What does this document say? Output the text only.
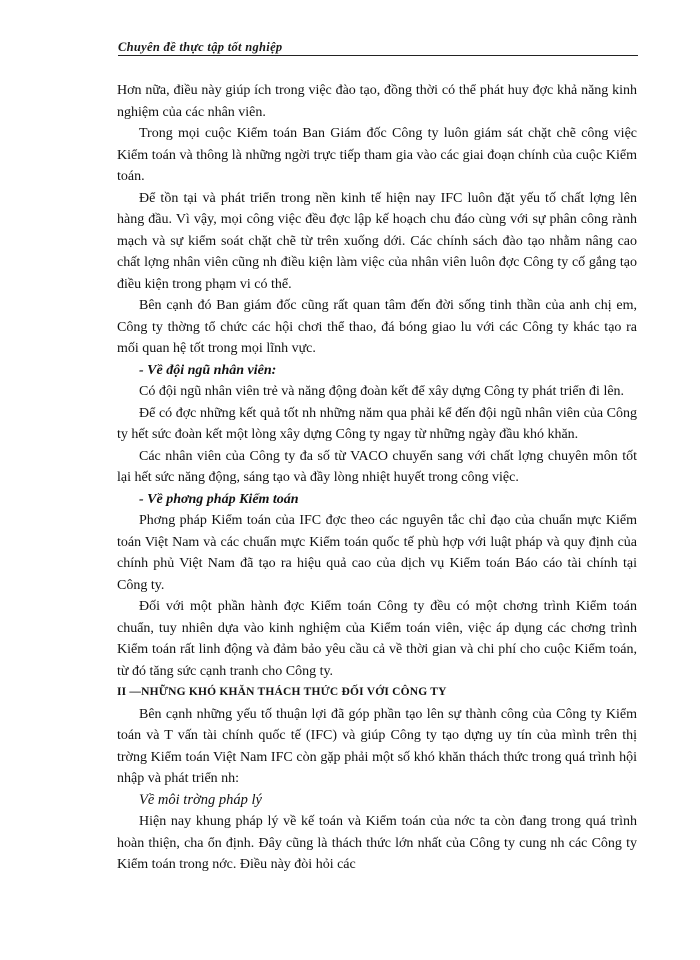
Chuyên đề thực tập tốt nghiệp

Hơn nữa, điều này giúp ích trong việc đào tạo, đồng thời có thể phát huy đợc khả năng kinh nghiệm của các nhân viên.

Trong mọi cuộc Kiểm toán Ban Giám đốc Công ty luôn giám sát chặt chẽ công việc Kiểm toán và thông là những ngời trực tiếp tham gia vào các giai đoạn chính của cuộc Kiểm toán.

Để tồn tại và phát triển trong nền kinh tế hiện nay IFC luôn đặt yếu tố chất lợng lên hàng đầu. Vì vậy, mọi công việc đều đợc lập kế hoạch chu đáo cùng với sự phân công rành mạch và sự kiểm soát chặt chẽ từ trên xuống dới. Các chính sách đào tạo nhằm nâng cao chất lợng nhân viên cũng nh điều kiện làm việc của nhân viên luôn đợc Công ty cố gắng tạo điều kiện trong phạm vi có thể.

Bên cạnh đó Ban giám đốc cũng rất quan tâm đến đời sống tinh thần của anh chị em, Công ty thờng tổ chức các hội chơi thể thao, đá bóng giao lu với các Công ty khác tạo ra mối quan hệ tốt trong mọi lĩnh vực.

- Về đội ngũ nhân viên:

Có đội ngũ nhân viên trẻ và năng động đoàn kết để xây dựng Công ty phát triển đi lên.

Để có đợc những kết quả tốt nh những năm qua phải kể đến đội ngũ nhân viên của Công ty hết sức đoàn kết một lòng xây dựng Công ty ngay từ những ngày đầu khó khăn.

Các nhân viên của Công ty đa số từ VACO chuyển sang với chất lợng chuyên môn tốt lại hết sức năng động, sáng tạo và đầy lòng nhiệt huyết trong công việc.

- Về phơng pháp Kiểm toán

Phơng pháp Kiểm toán của IFC đợc theo các nguyên tắc chỉ đạo của chuẩn mực Kiểm toán Việt Nam và các chuẩn mực Kiểm toán quốc tế phù hợp với luật pháp và quy định của chính phủ Việt Nam đã tạo ra hiệu quả cao của dịch vụ Kiểm toán Báo cáo tài chính tại Công ty.

Đối với một phần hành đợc Kiểm toán Công ty đều có một chơng trình Kiểm toán chuẩn, tuy nhiên dựa vào kinh nghiệm của Kiểm toán viên, việc áp dụng các chơng trình Kiểm toán rất linh động và đảm bảo yêu cầu cả về thời gian và chi phí cho cuộc Kiểm toán, từ đó tăng sức cạnh tranh cho Công ty.

II —NHỮNG KHÓ KHĂN THÁCH THỨC ĐỐI VỚI CÔNG TY

Bên cạnh những yếu tố thuận lợi đã góp phần tạo lên sự thành công của Công ty Kiểm toán và T vấn tài chính quốc tế (IFC) và giúp Công ty tạo dựng uy tín của mình trên thị trờng Kiểm toán Việt Nam IFC còn gặp phải một số khó khăn thách thức trong quá trình hội nhập và phát triển nh:

Về môi trờng pháp lý

Hiện nay khung pháp lý về kế toán và Kiểm toán của nớc ta còn đang trong quá trình hoàn thiện, cha ổn định. Đây cũng là thách thức lớn nhất của Công ty cung nh các Công ty Kiểm toán trong nớc. Điều này đòi hỏi các
